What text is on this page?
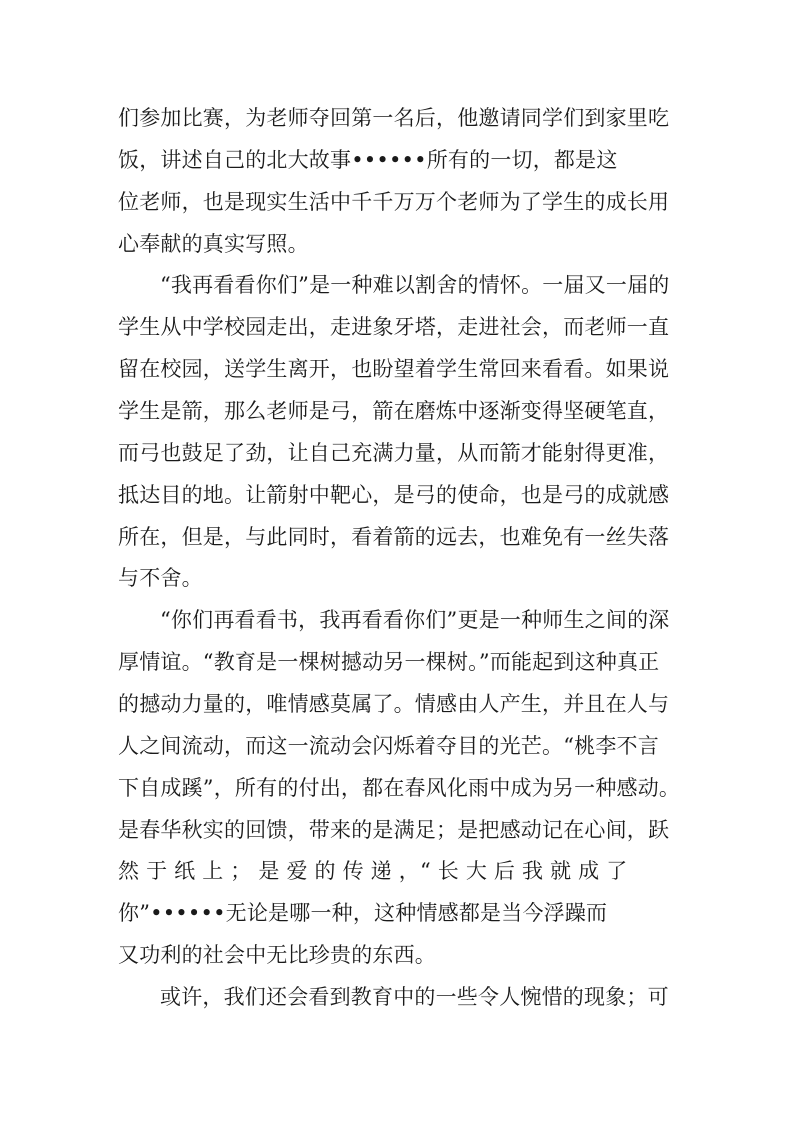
们参加比赛，为老师夺回第一名后，他邀请同学们到家里吃
饭，讲述自己的北大故事••••••所有的一切，都是这
位老师，也是现实生活中千千万万个老师为了学生的成长用
心奉献的真实写照。
“我再看看你们”是一种难以割舍的情怀。一届又一届的
学生从中学校园走出，走进象牙塔，走进社会，而老师一直
留在校园，送学生离开，也盼望着学生常回来看看。如果说
学生是箭，那么老师是弓，箭在磨炼中逐渐变得坚硬笔直，
而弓也鼓足了劲，让自己充满力量，从而箭才能射得更准，
抵达目的地。让箭射中靶心，是弓的使命，也是弓的成就感
所在，但是，与此同时，看着箭的远去，也难免有一丝失落
与不舍。
“你们再看看书，我再看看你们”更是一种师生之间的深
厚情谊。“教育是一棵树撼动另一棵树。”而能起到这种真正
的撼动力量的，唯情感莫属了。情感由人产生，并且在人与
人之间流动，而这一流动会闪烁着夺目的光芒。“桃李不言
下自成蹊”，所有的付出，都在春风化雨中成为另一种感动。
是春华秋实的回馈，带来的是满足；是把感动记在心间，跃
然 于 纸 上 ； 是 爱 的 传 递 ，“ 长 大 后 我 就 成 了
你”••••••无论是哪一种，这种情感都是当今浮躁而
又功利的社会中无比珍贵的东西。
或许，我们还会看到教育中的一些令人惋惜的现象；可
